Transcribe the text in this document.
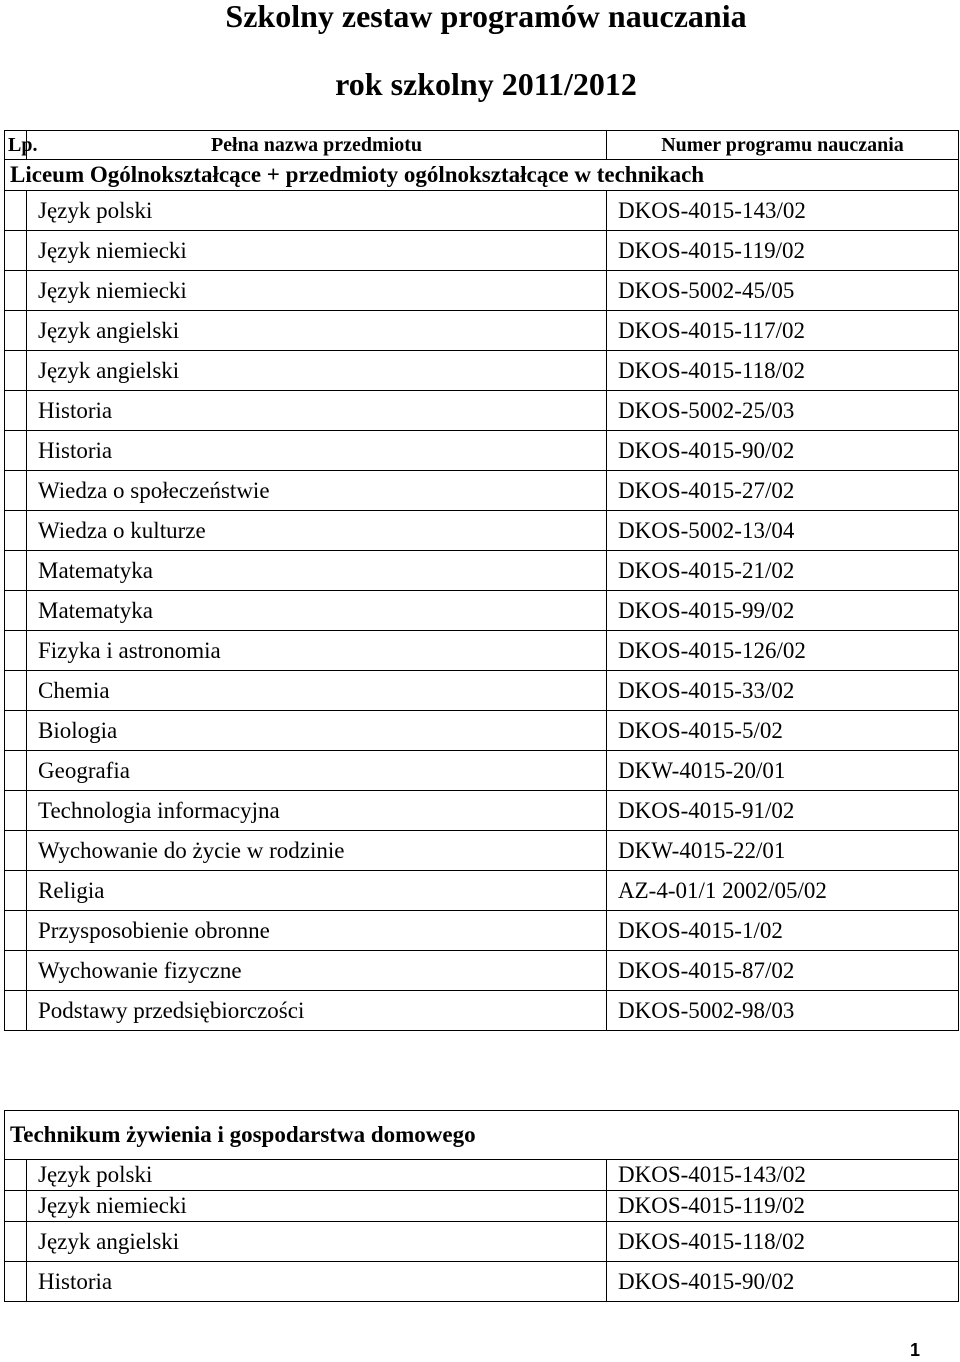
Szkolny zestaw programów nauczania
rok szkolny 2011/2012
Lp.	Pełna nazwa przedmiotu	Numer programu nauczania
Liceum Ogólnokształcące + przedmioty ogólnokształcące w technikach		
	Język polski	DKOS-4015-143/02
	Język niemiecki	DKOS-4015-119/02
	Język niemiecki	DKOS-5002-45/05
	Język angielski	DKOS-4015-117/02
	Język angielski	DKOS-4015-118/02
	Historia	DKOS-5002-25/03
	Historia	DKOS-4015-90/02
	Wiedza o społeczeństwie	DKOS-4015-27/02
	Wiedza o kulturze	DKOS-5002-13/04
	Matematyka	DKOS-4015-21/02
	Matematyka	DKOS-4015-99/02
	Fizyka i astronomia	DKOS-4015-126/02
	Chemia	DKOS-4015-33/02
	Biologia	DKOS-4015-5/02
	Geografia	DKW-4015-20/01
	Technologia informacyjna	DKOS-4015-91/02
	Wychowanie do życie w rodzinie	DKW-4015-22/01
	Religia	AZ-4-01/1 2002/05/02
	Przysposobienie obronne	DKOS-4015-1/02
	Wychowanie fizyczne	DKOS-4015-87/02
	Podstawy przedsiębiorczości	DKOS-5002-98/03
Technikum żywienia i gospodarstwa domowego		
	Język polski	DKOS-4015-143/02
	Język niemiecki	DKOS-4015-119/02
	Język angielski	DKOS-4015-118/02
	Historia	DKOS-4015-90/02
1
